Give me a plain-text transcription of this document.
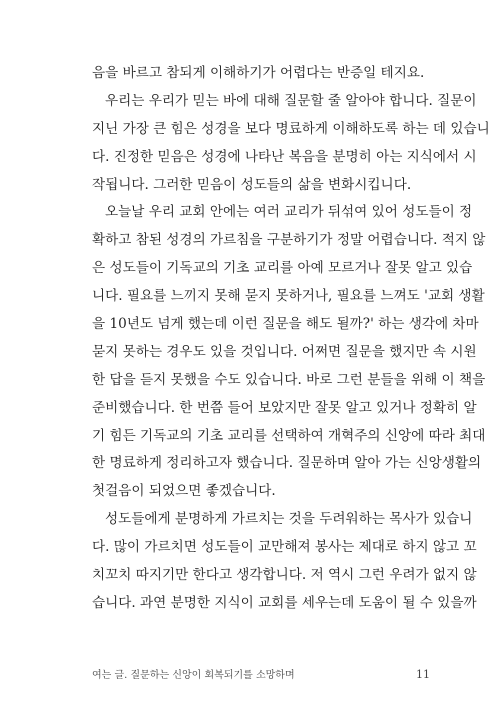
음을 바르고 참되게 이해하기가 어렵다는 반증일 테지요.
우리는 우리가 믿는 바에 대해 질문할 줄 알아야 합니다. 질문이
지닌 가장 큰 힘은 성경을 보다 명료하게 이해하도록 하는 데 있습니
다. 진정한 믿음은 성경에 나타난 복음을 분명히 아는 지식에서 시
작됩니다. 그러한 믿음이 성도들의 삶을 변화시킵니다.
오늘날 우리 교회 안에는 여러 교리가 뒤섞여 있어 성도들이 정
확하고 참된 성경의 가르침을 구분하기가 정말 어렵습니다. 적지 않
은 성도들이 기독교의 기초 교리를 아예 모르거나 잘못 알고 있습
니다. 필요를 느끼지 못해 묻지 못하거나, 필요를 느껴도 '교회 생활
을 10년도 넘게 했는데 이런 질문을 해도 될까?' 하는 생각에 차마
묻지 못하는 경우도 있을 것입니다. 어쩌면 질문을 했지만 속 시원
한 답을 듣지 못했을 수도 있습니다. 바로 그런 분들을 위해 이 책을
준비했습니다. 한 번쯤 들어 보았지만 잘못 알고 있거나 정확히 알
기 힘든 기독교의 기초 교리를 선택하여 개혁주의 신앙에 따라 최대
한 명료하게 정리하고자 했습니다. 질문하며 알아 가는 신앙생활의
첫걸음이 되었으면 좋겠습니다.
성도들에게 분명하게 가르치는 것을 두려워하는 목사가 있습니
다. 많이 가르치면 성도들이 교만해져 봉사는 제대로 하지 않고 꼬
치꼬치 따지기만 한다고 생각합니다. 저 역시 그런 우려가 없지 않
습니다. 과연 분명한 지식이 교회를 세우는데 도움이 될 수 있을까
여는 글. 질문하는 신앙이 회복되기를 소망하며	11
